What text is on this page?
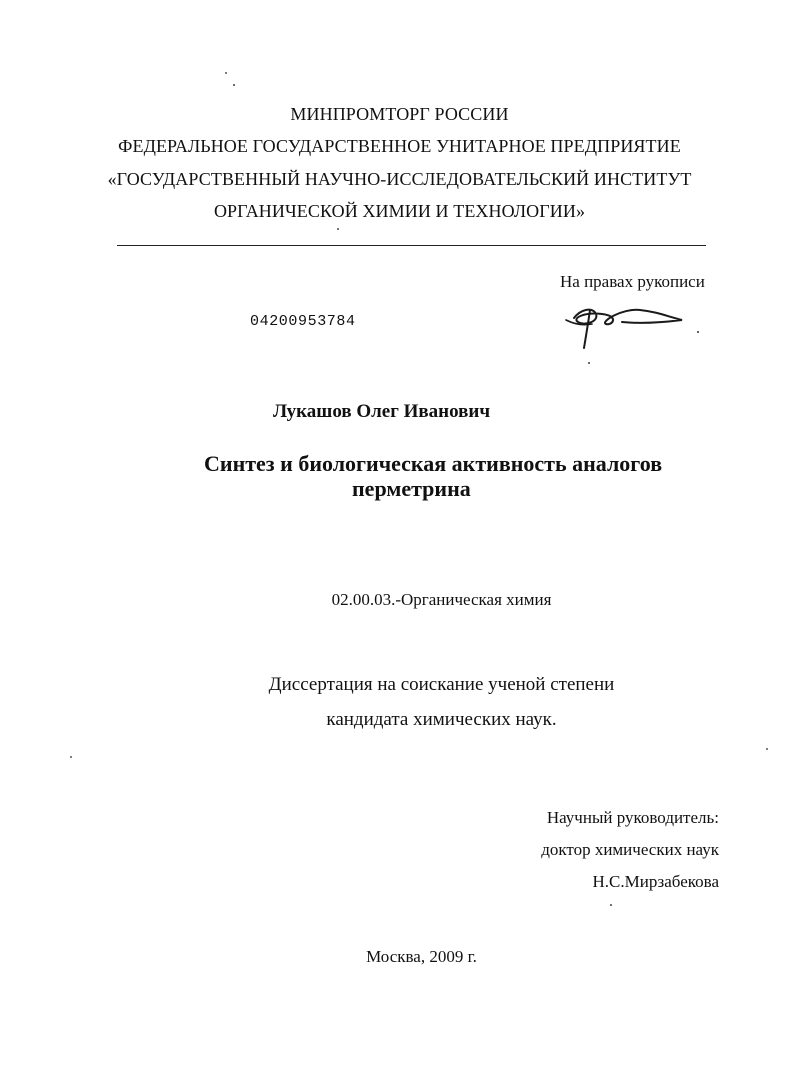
МИНПРОМТОРГ РОССИИ
ФЕДЕРАЛЬНОЕ ГОСУДАРСТВЕННОЕ УНИТАРНОЕ ПРЕДПРИЯТИЕ
«ГОСУДАРСТВЕННЫЙ НАУЧНО-ИССЛЕДОВАТЕЛЬСКИЙ ИНСТИТУТ
ОРГАНИЧЕСКОЙ ХИМИИ И ТЕХНОЛОГИИ»
На правах рукописи
04200953784
Лукашов Олег Иванович
Синтез и биологическая активность аналогов
перметрина
02.00.03.-Органическая химия
Диссертация на соискание ученой степени
кандидата химических наук.
Научный руководитель:
доктор химических наук
Н.С.Мирзабекова
Москва, 2009 г.
